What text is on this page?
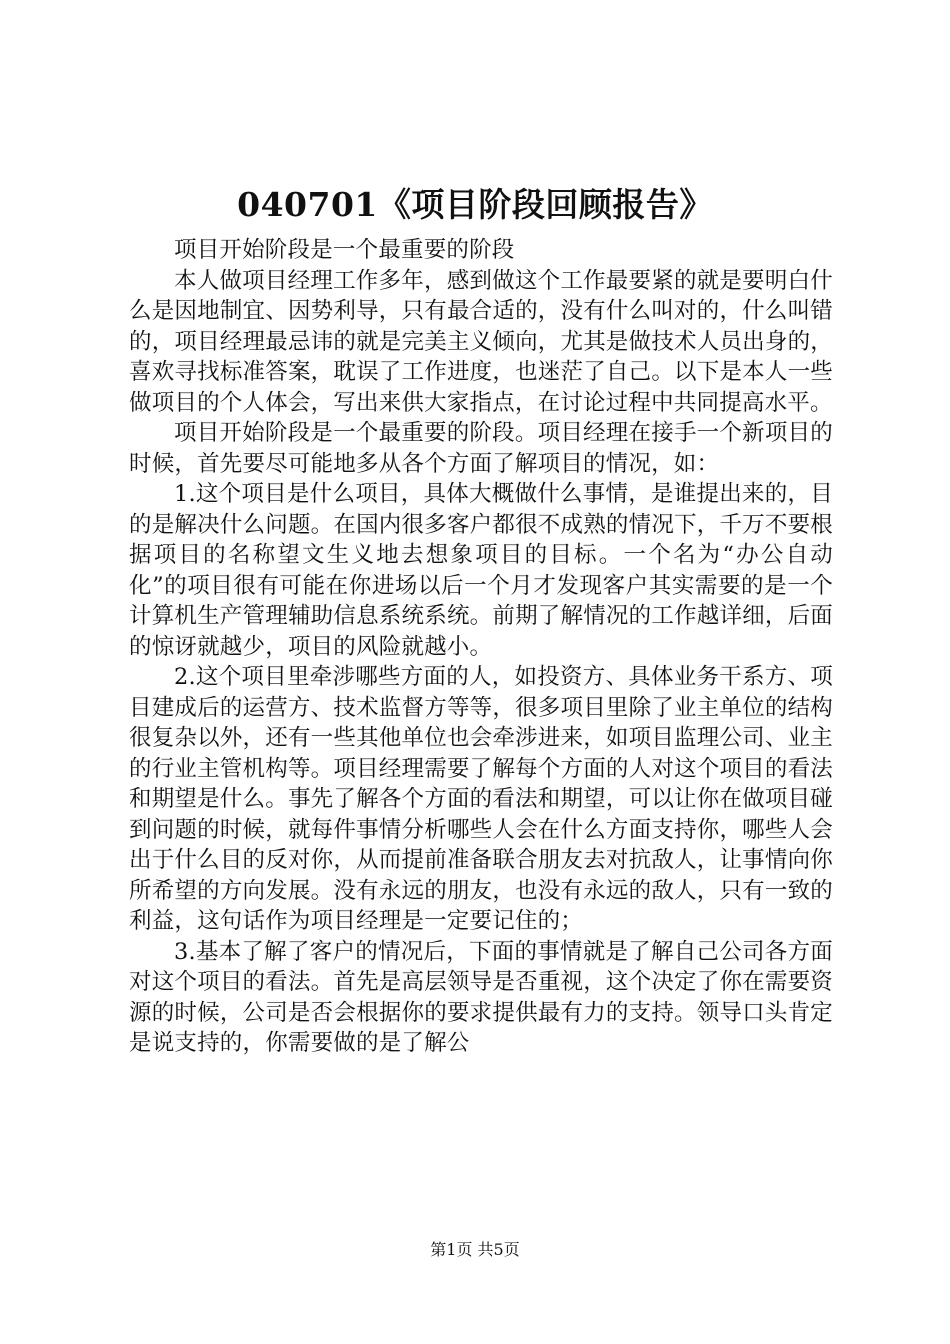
040701《项目阶段回顾报告》

项目开始阶段是一个最重要的阶段

本人做项目经理工作多年，感到做这个工作最要紧的就是要明白什么是因地制宜、因势利导，只有最合适的，没有什么叫对的，什么叫错的，项目经理最忌讳的就是完美主义倾向，尤其是做技术人员出身的，喜欢寻找标准答案，耽误了工作进度，也迷茫了自己。以下是本人一些做项目的个人体会，写出来供大家指点，在讨论过程中共同提高水平。

项目开始阶段是一个最重要的阶段。项目经理在接手一个新项目的时候，首先要尽可能地多从各个方面了解项目的情况，如：

1.这个项目是什么项目，具体大概做什么事情，是谁提出来的，目的是解决什么问题。在国内很多客户都很不成熟的情况下，千万不要根据项目的名称望文生义地去想象项目的目标。一个名为“办公自动化”的项目很有可能在你进场以后一个月才发现客户其实需要的是一个计算机生产管理辅助信息系统系统。前期了解情况的工作越详细，后面的惊讶就越少，项目的风险就越小。

2.这个项目里牵涉哪些方面的人，如投资方、具体业务干系方、项目建成后的运营方、技术监督方等等，很多项目里除了业主单位的结构很复杂以外，还有一些其他单位也会牵涉进来，如项目监理公司、业主的行业主管机构等。项目经理需要了解每个方面的人对这个项目的看法和期望是什么。事先了解各个方面的看法和期望，可以让你在做项目碰到问题的时候，就每件事情分析哪些人会在什么方面支持你，哪些人会出于什么目的反对你，从而提前准备联合朋友去对抗敌人，让事情向你所希望的方向发展。没有永远的朋友，也没有永远的敌人，只有一致的利益，这句话作为项目经理是一定要记住的；

3.基本了解了客户的情况后，下面的事情就是了解自己公司各方面对这个项目的看法。首先是高层领导是否重视，这个决定了你在需要资源的时候，公司是否会根据你的要求提供最有力的支持。领导口头肯定是说支持的，你需要做的是了解公

第1页 共5页
